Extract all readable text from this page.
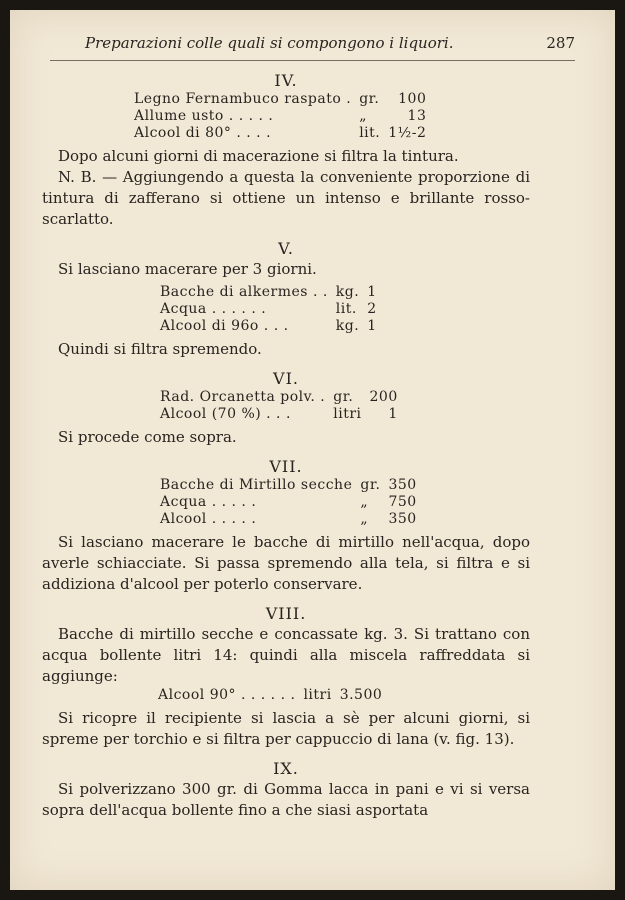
Preparazioni colle quali si compongono i liquori.	287
IV.
Legno Fernambuco raspato .	gr.	100
Allume usto . . . . .	„	13
Alcool di 80° . . . .	lit.	1½-2

Dopo alcuni giorni di macerazione si filtra la tintura.

N. B. — Aggiungendo a questa la conveniente proporzione di tintura di zafferano si ottiene un intenso e brillante rosso-scarlatto.

V.

Si lasciano macerare per 3 giorni.

Bacche di alkermes . .	kg.	1
Acqua . . . . . .	lit.	2
Alcool di 96o . . .	kg.	1

Quindi si filtra spremendo.

VI.
Rad. Orcanetta polv. .	gr.	200
Alcool (70 %) . . .	litri	1

Si procede come sopra.

VII.
Bacche di Mirtillo secche	gr.	350
Acqua . . . . .	„	750
Alcool . . . . .	„	350

Si lasciano macerare le bacche di mirtillo nell'acqua, dopo averle schiacciate. Si passa spremendo alla tela, si filtra e si addiziona d'alcool per poterlo conservare.

VIII.

Bacche di mirtillo secche e concassate kg. 3. Si trattano con acqua bollente litri 14: quindi alla miscela raffreddata si aggiunge:

Alcool 90° . . . . . .	litri	3.500

Si ricopre il recipiente si lascia a sè per alcuni giorni, si spreme per torchio e si filtra per cappuccio di lana (v. fig. 13).

IX.

Si polverizzano 300 gr. di Gomma lacca in pani e vi si versa sopra dell'acqua bollente fino a che siasi asportata
